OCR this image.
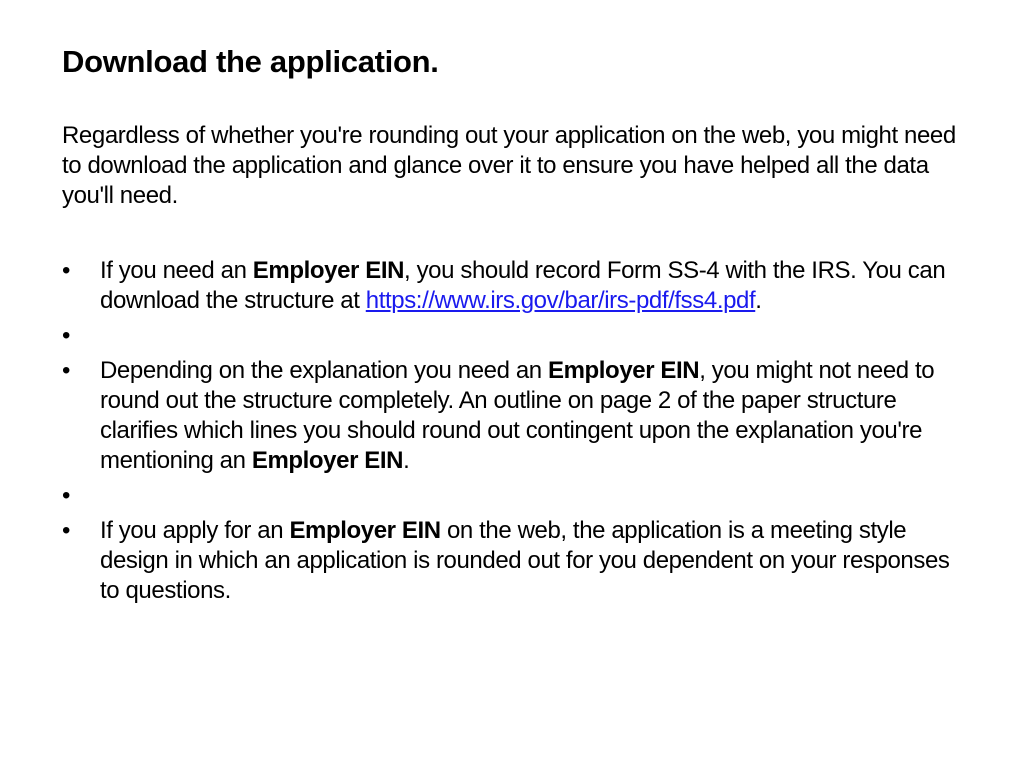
Download the application.

Regardless of whether you're rounding out your application on the web, you might need to download the application and glance over it to ensure you have helped all the data you'll need.

•	If you need an Employer EIN, you should record Form SS-4 with the IRS. You can download the structure at https://www.irs.gov/bar/irs-pdf/fss4.pdf.
•
•	Depending on the explanation you need an Employer EIN, you might not need to round out the structure completely. An outline on page 2 of the paper structure clarifies which lines you should round out contingent upon the explanation you're mentioning an Employer EIN.
•
•	If you apply for an Employer EIN on the web, the application is a meeting style design in which an application is rounded out for you dependent on your responses to questions.
